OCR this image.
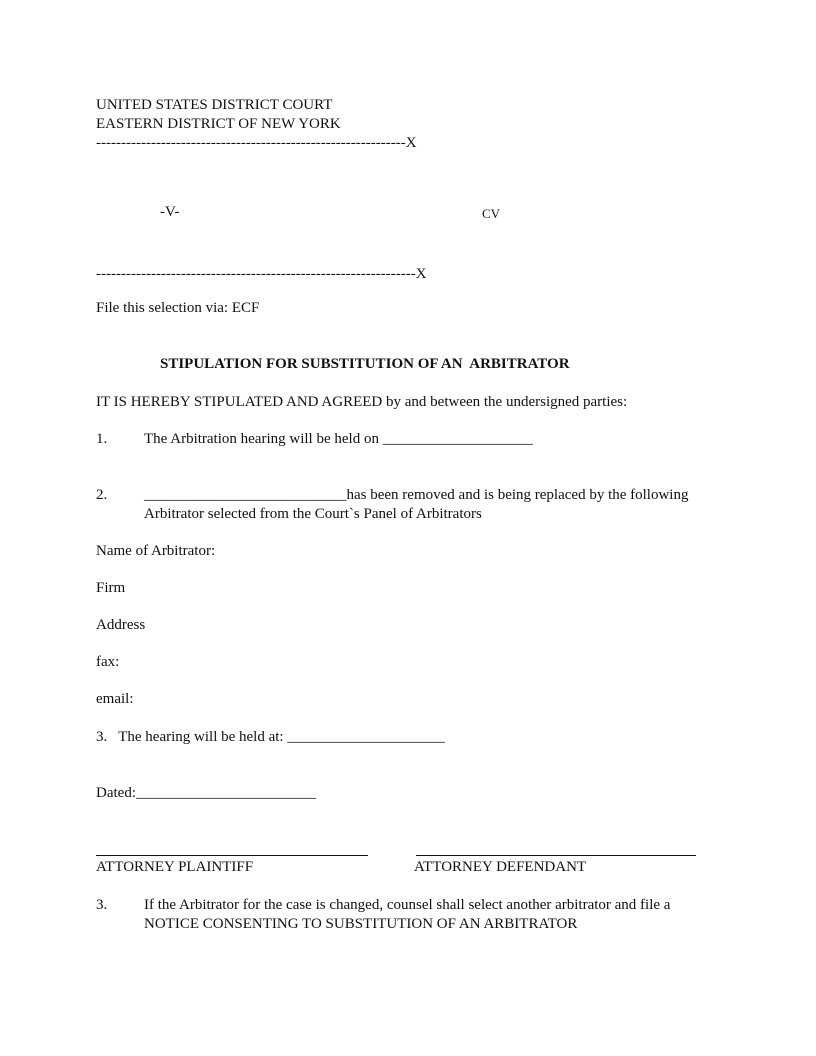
UNITED STATES DISTRICT COURT
EASTERN DISTRICT OF NEW YORK
--------------------------------------------------------------X
-V-	CV
----------------------------------------------------------------X
File this selection via: ECF
STIPULATION FOR SUBSTITUTION OF AN  ARBITRATOR
IT IS HEREBY STIPULATED AND AGREED by and between the undersigned parties:
1. The Arbitration hearing will be held on ____________________
2. ___________________________has been removed and is being replaced by the following
Arbitrator selected from the Court`s Panel of Arbitrators
Name of Arbitrator:
Firm
Address
fax:
email:
3.   The hearing will be held at: _____________________
Dated:________________________
ATTORNEY PLAINTIFF	ATTORNEY DEFENDANT
3. If the Arbitrator for the case is changed, counsel shall select another arbitrator and file a
NOTICE CONSENTING TO SUBSTITUTION OF AN ARBITRATOR
